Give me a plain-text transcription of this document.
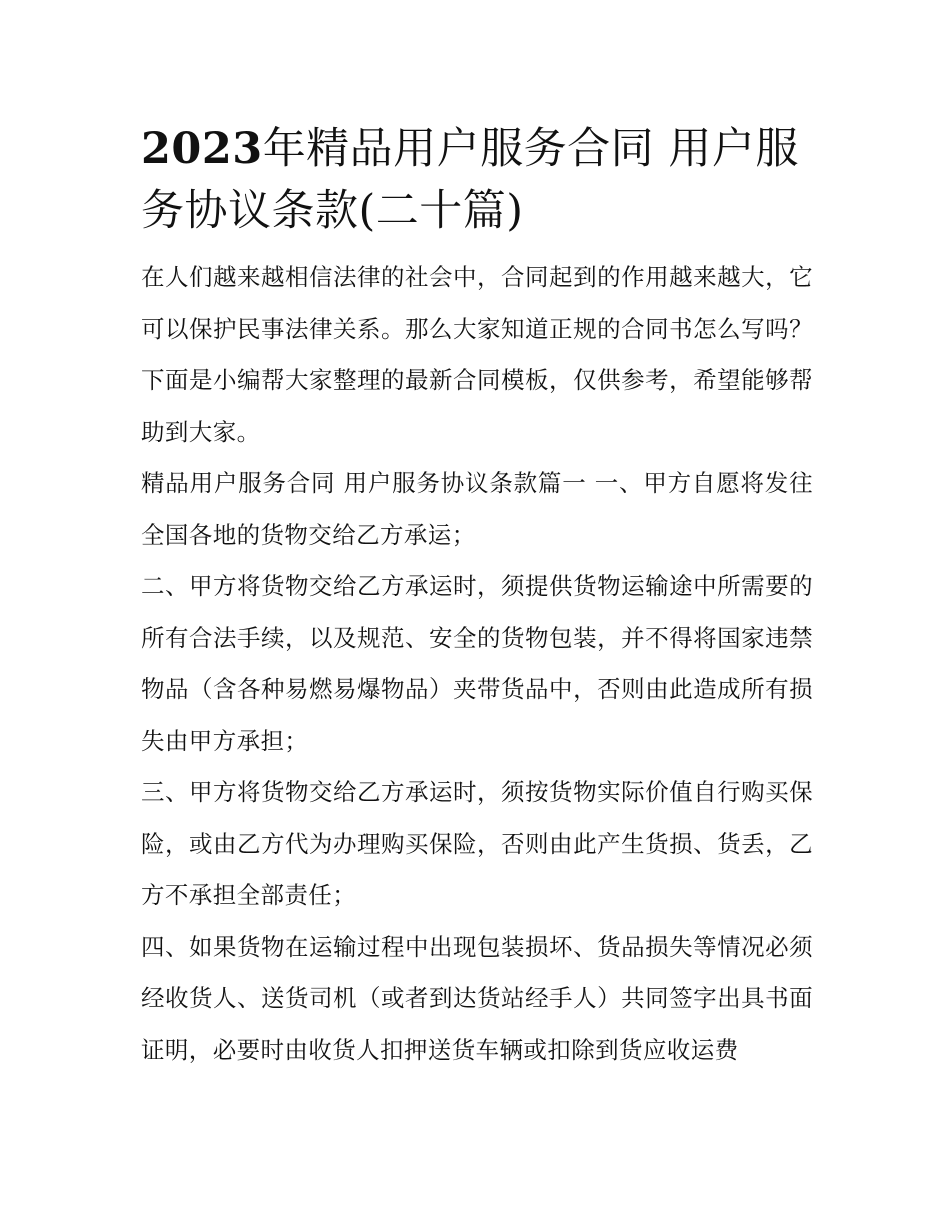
2023年精品用户服务合同 用户服务协议条款(二十篇)

在人们越来越相信法律的社会中，合同起到的作用越来越大，它可以保护民事法律关系。那么大家知道正规的合同书怎么写吗？下面是小编帮大家整理的最新合同模板，仅供参考，希望能够帮助到大家。

精品用户服务合同 用户服务协议条款篇一 一、甲方自愿将发往全国各地的货物交给乙方承运；

二、甲方将货物交给乙方承运时，须提供货物运输途中所需要的所有合法手续，以及规范、安全的货物包装，并不得将国家违禁物品（含各种易燃易爆物品）夹带货品中，否则由此造成所有损失由甲方承担；

三、甲方将货物交给乙方承运时，须按货物实际价值自行购买保险，或由乙方代为办理购买保险，否则由此产生货损、货丢，乙方不承担全部责任；

四、如果货物在运输过程中出现包装损坏、货品损失等情况必须经收货人、送货司机（或者到达货站经手人）共同签字出具书面证明，必要时由收货人扣押送货车辆或扣除到货应收运费
